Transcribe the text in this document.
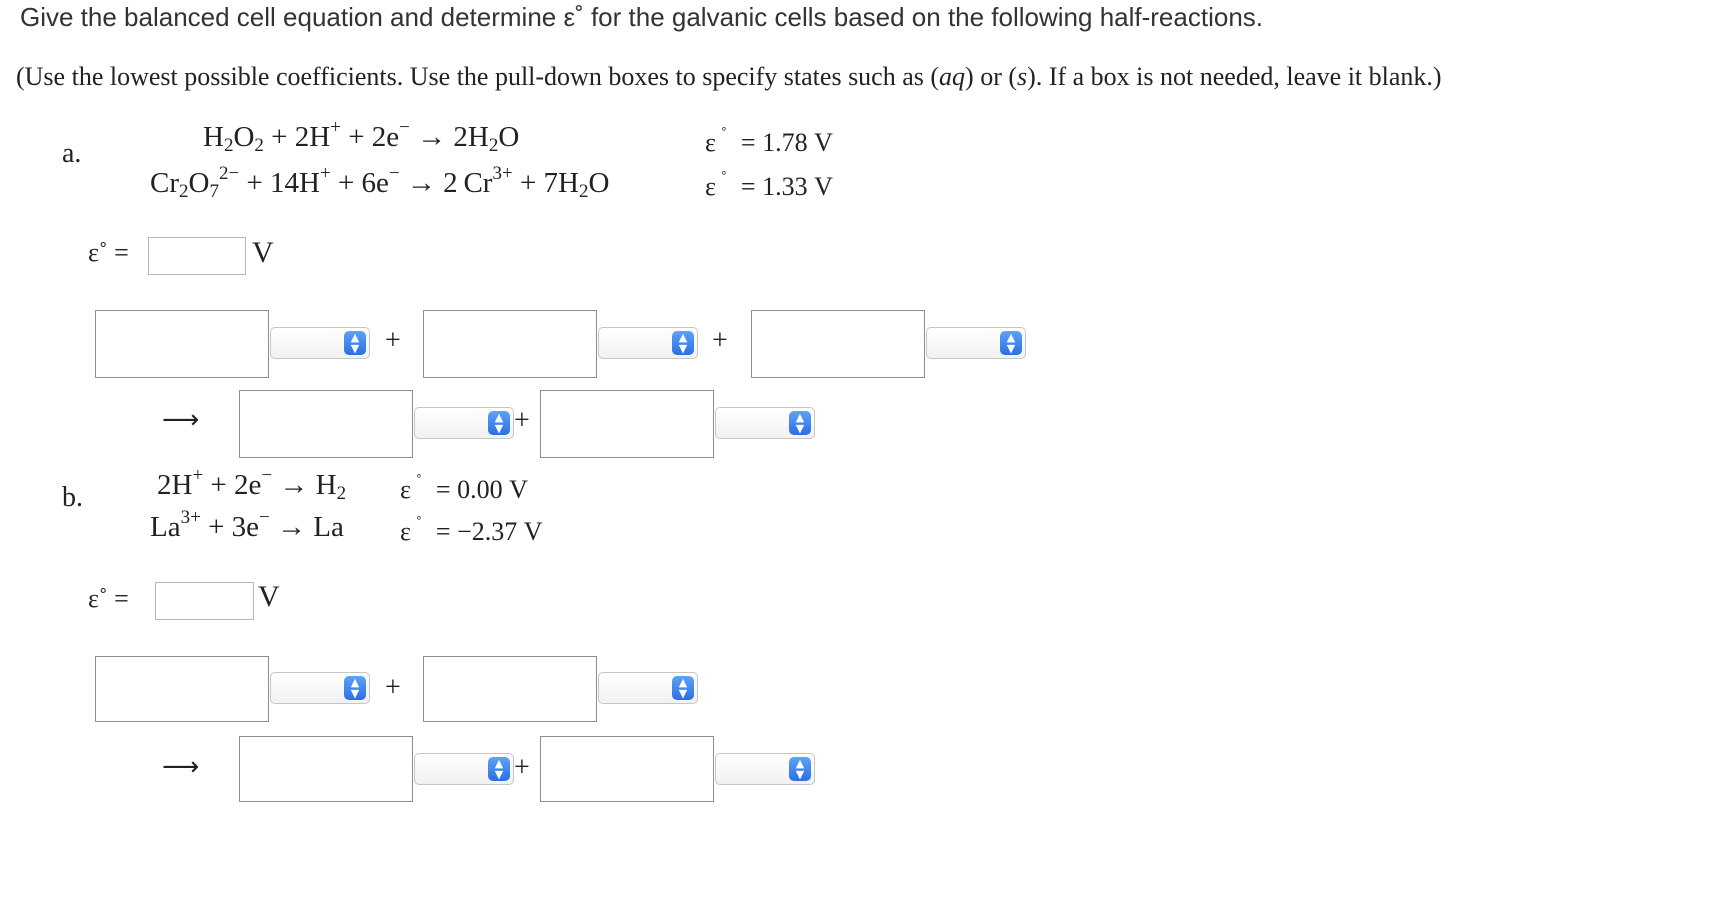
Give the balanced cell equation and determine ε˚ for the galvanic cells based on the following half-reactions.
(Use the lowest possible coefficients. Use the pull-down boxes to specify states such as (aq) or (s). If a box is not needed, leave it blank.)
a.
$H_2O_2 + 2H^+ + 2e^- \to 2H_2O$	ε ˚ = 1.78 V
$Cr_2O_7^{2-} + 14H^+ + 6e^- \to 2$ $Cr^{3+} + 7H_2O$	ε ˚ = 1.33 V
ε˚ =	V
▲
▼ +	▲
▼ +	▲
▼
⟶	▲
▼ +	▲
▼
b.	$2H^+ + 2e^- \to H_2$ ε ˚ = 0.00 V
$La^{3+} + 3e^- \to La$ ε ˚ = −2.37 V
ε˚ =	V
▲
▼ +	▲
▼
⟶	▲
▼ +	▲
▼
